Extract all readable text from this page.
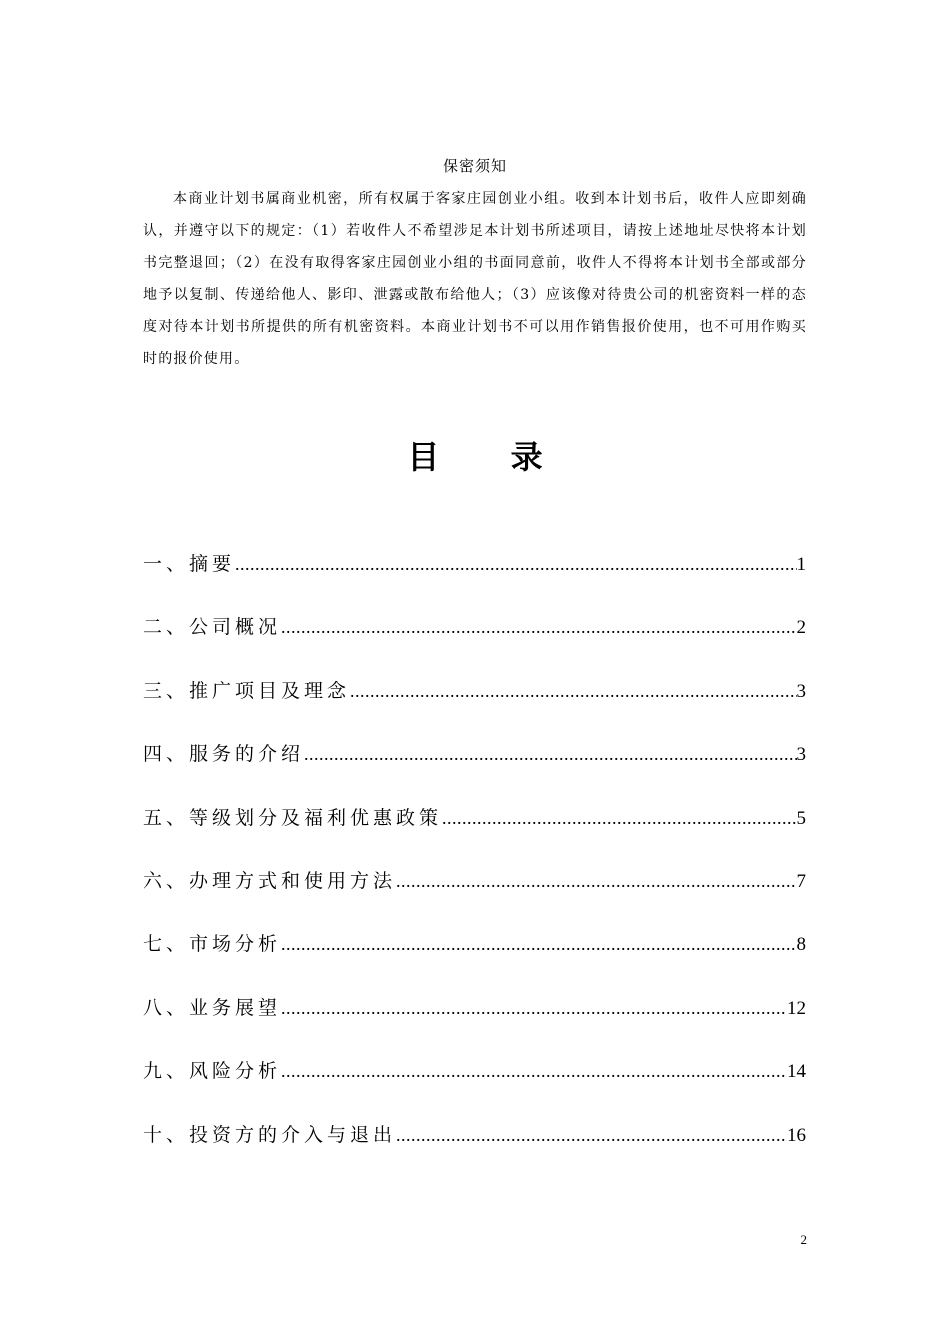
保密须知
本商业计划书属商业机密，所有权属于客家庄园创业小组。收到本计划书后，收件人应即刻确认，并遵守以下的规定：（1）若收件人不希望涉足本计划书所述项目，请按上述地址尽快将本计划书完整退回；（2）在没有取得客家庄园创业小组的书面同意前，收件人不得将本计划书全部或部分地予以复制、传递给他人、影印、泄露或散布给他人；（3）应该像对待贵公司的机密资料一样的态度对待本计划书所提供的所有机密资料。本商业计划书不可以用作销售报价使用，也不可用作购买时的报价使用。
目 录
一、摘要 .....	1
二、公司概况 .....	2
三、推广项目及理念 .....	3
四、服务的介绍 .....	3
五、等级划分及福利优惠政策 .....	5
六、办理方式和使用方法 .....	7
七、市场分析 .....	8
八、业务展望 .....	12
九、风险分析 .....	14
十、投资方的介入与退出 .....	16
2
